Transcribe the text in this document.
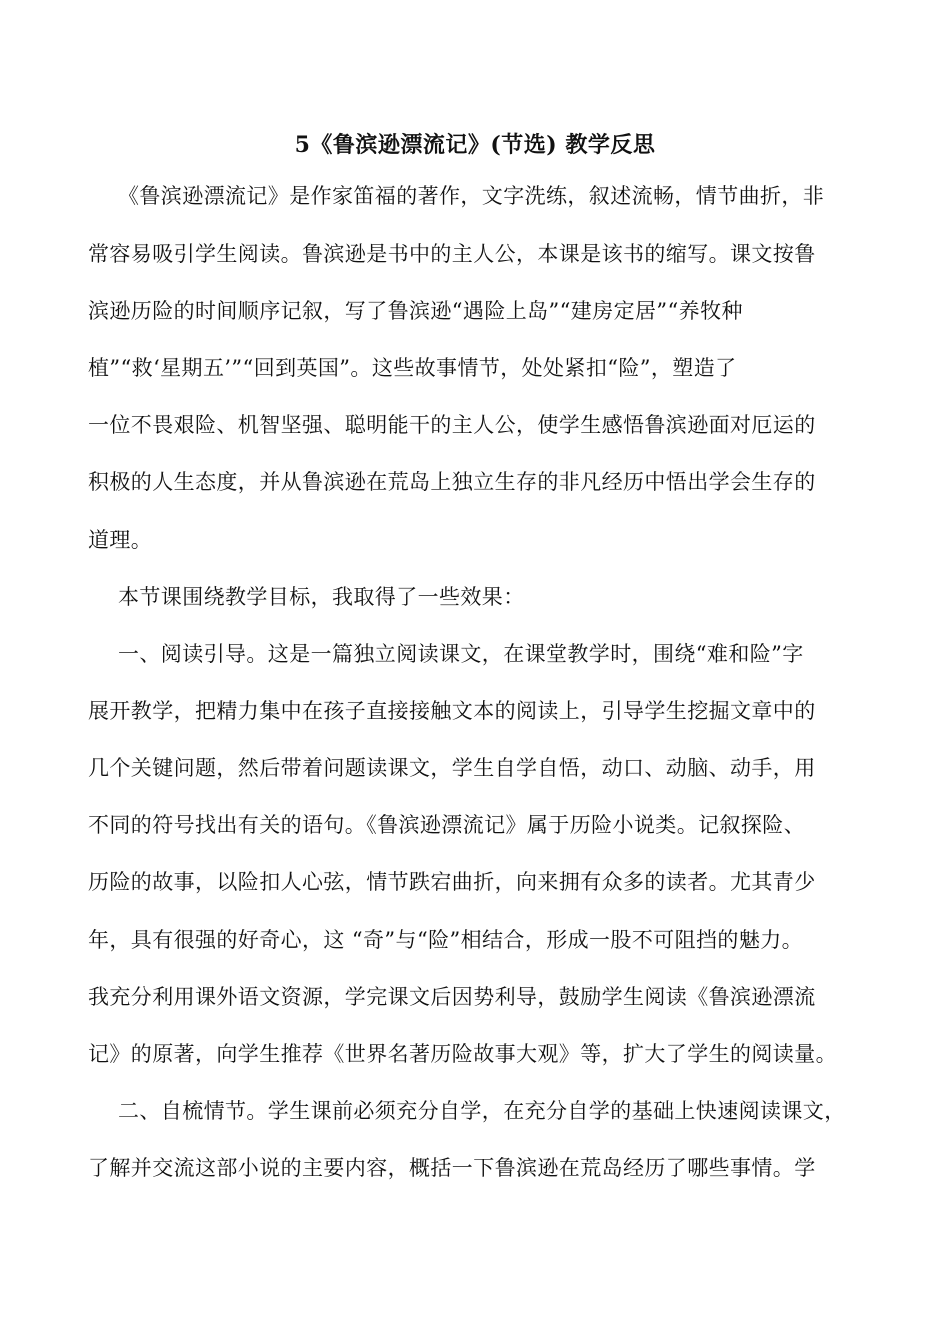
5《鲁滨逊漂流记》(节选) 教学反思
《鲁滨逊漂流记》是作家笛福的著作，文字洗练，叙述流畅，情节曲折，非
常容易吸引学生阅读。鲁滨逊是书中的主人公，本课是该书的缩写。课文按鲁
滨逊历险的时间顺序记叙，写了鲁滨逊“遇险上岛”“建房定居”“养牧种
植”“救‘星期五’”“回到英国”。这些故事情节，处处紧扣“险”，塑造了
一位不畏艰险、机智坚强、聪明能干的主人公，使学生感悟鲁滨逊面对厄运的
积极的人生态度，并从鲁滨逊在荒岛上独立生存的非凡经历中悟出学会生存的
道理。
本节课围绕教学目标，我取得了一些效果：
一、阅读引导。这是一篇独立阅读课文，在课堂教学时，围绕“难和险”字
展开教学，把精力集中在孩子直接接触文本的阅读上，引导学生挖掘文章中的
几个关键问题，然后带着问题读课文，学生自学自悟，动口、动脑、动手，用
不同的符号找出有关的语句。《鲁滨逊漂流记》属于历险小说类。记叙探险、
历险的故事，以险扣人心弦，情节跌宕曲折，向来拥有众多的读者。尤其青少
年，具有很强的好奇心，这 “奇”与“险”相结合，形成一股不可阻挡的魅力。
我充分利用课外语文资源，学完课文后因势利导，鼓励学生阅读《鲁滨逊漂流
记》的原著，向学生推荐《世界名著历险故事大观》等，扩大了学生的阅读量。
二、自梳情节。学生课前必须充分自学，在充分自学的基础上快速阅读课文，
了解并交流这部小说的主要内容，概括一下鲁滨逊在荒岛经历了哪些事情。学
